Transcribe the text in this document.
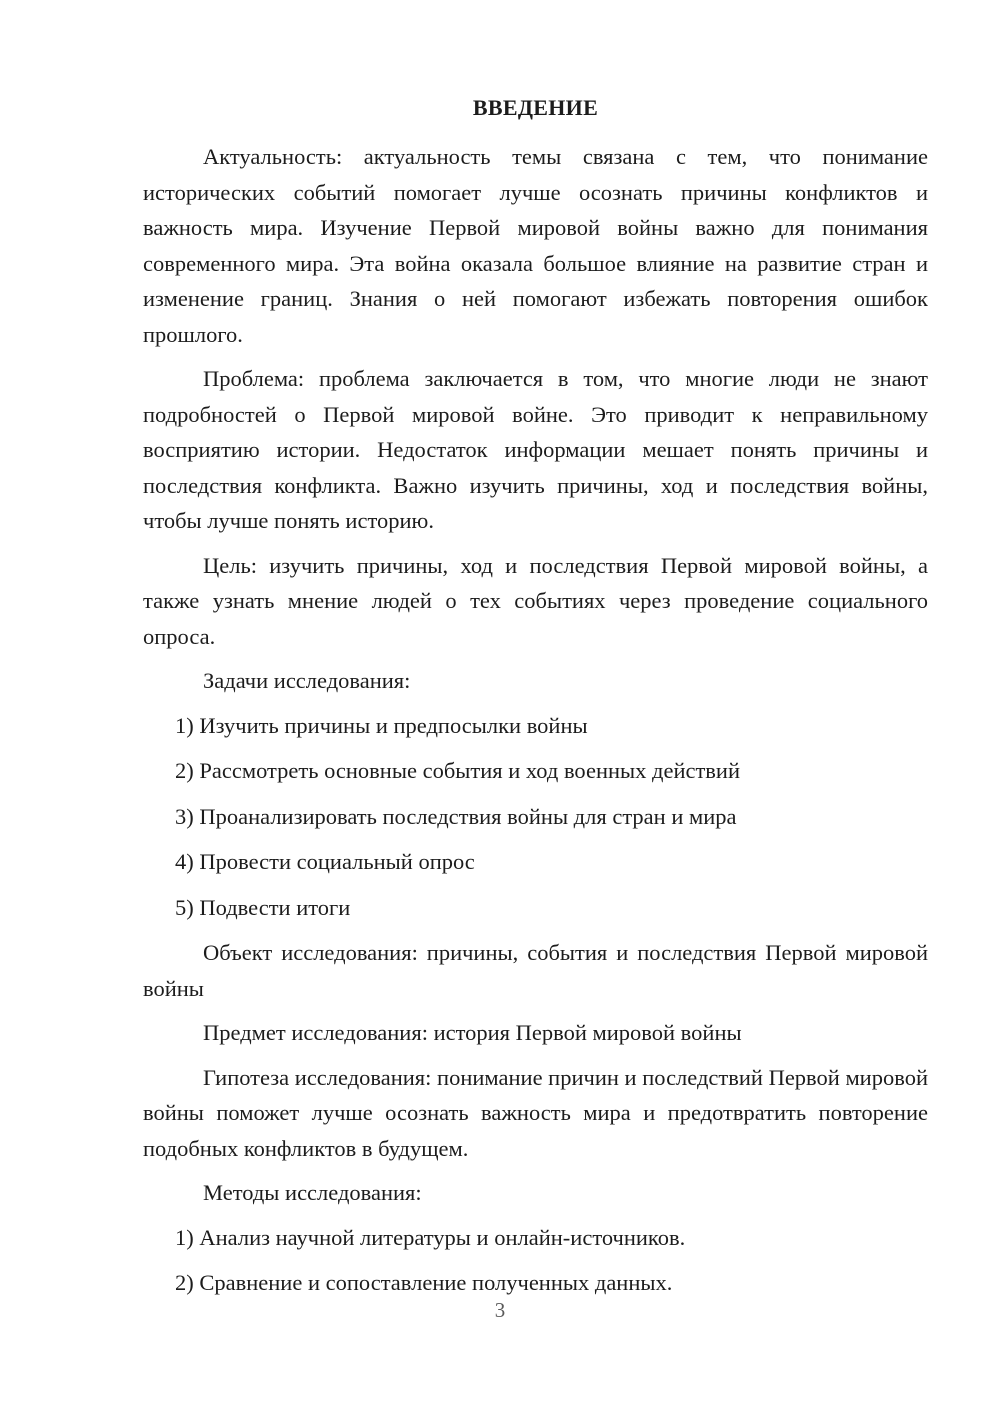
ВВЕДЕНИЕ

Актуальность: актуальность темы связана с тем, что понимание исторических событий помогает лучше осознать причины конфликтов и важность мира. Изучение Первой мировой войны важно для понимания современного мира. Эта война оказала большое влияние на развитие стран и изменение границ. Знания о ней помогают избежать повторения ошибок прошлого.

Проблема: проблема заключается в том, что многие люди не знают подробностей о Первой мировой войне. Это приводит к неправильному восприятию истории. Недостаток информации мешает понять причины и последствия конфликта. Важно изучить причины, ход и последствия войны, чтобы лучше понять историю.

Цель: изучить причины, ход и последствия Первой мировой войны, а также узнать мнение людей о тех событиях через проведение социального опроса.

Задачи исследования:

1) Изучить причины и предпосылки войны

2) Рассмотреть основные события и ход военных действий

3) Проанализировать последствия войны для стран и мира

4) Провести социальный опрос

5) Подвести итоги

Объект исследования: причины, события и последствия Первой мировой войны

Предмет исследования: история Первой мировой войны

Гипотеза исследования: понимание причин и последствий Первой мировой войны поможет лучше осознать важность мира и предотвратить повторение подобных конфликтов в будущем.

Методы исследования:

1) Анализ научной литературы и онлайн-источников.

2) Сравнение и сопоставление полученных данных.

3
